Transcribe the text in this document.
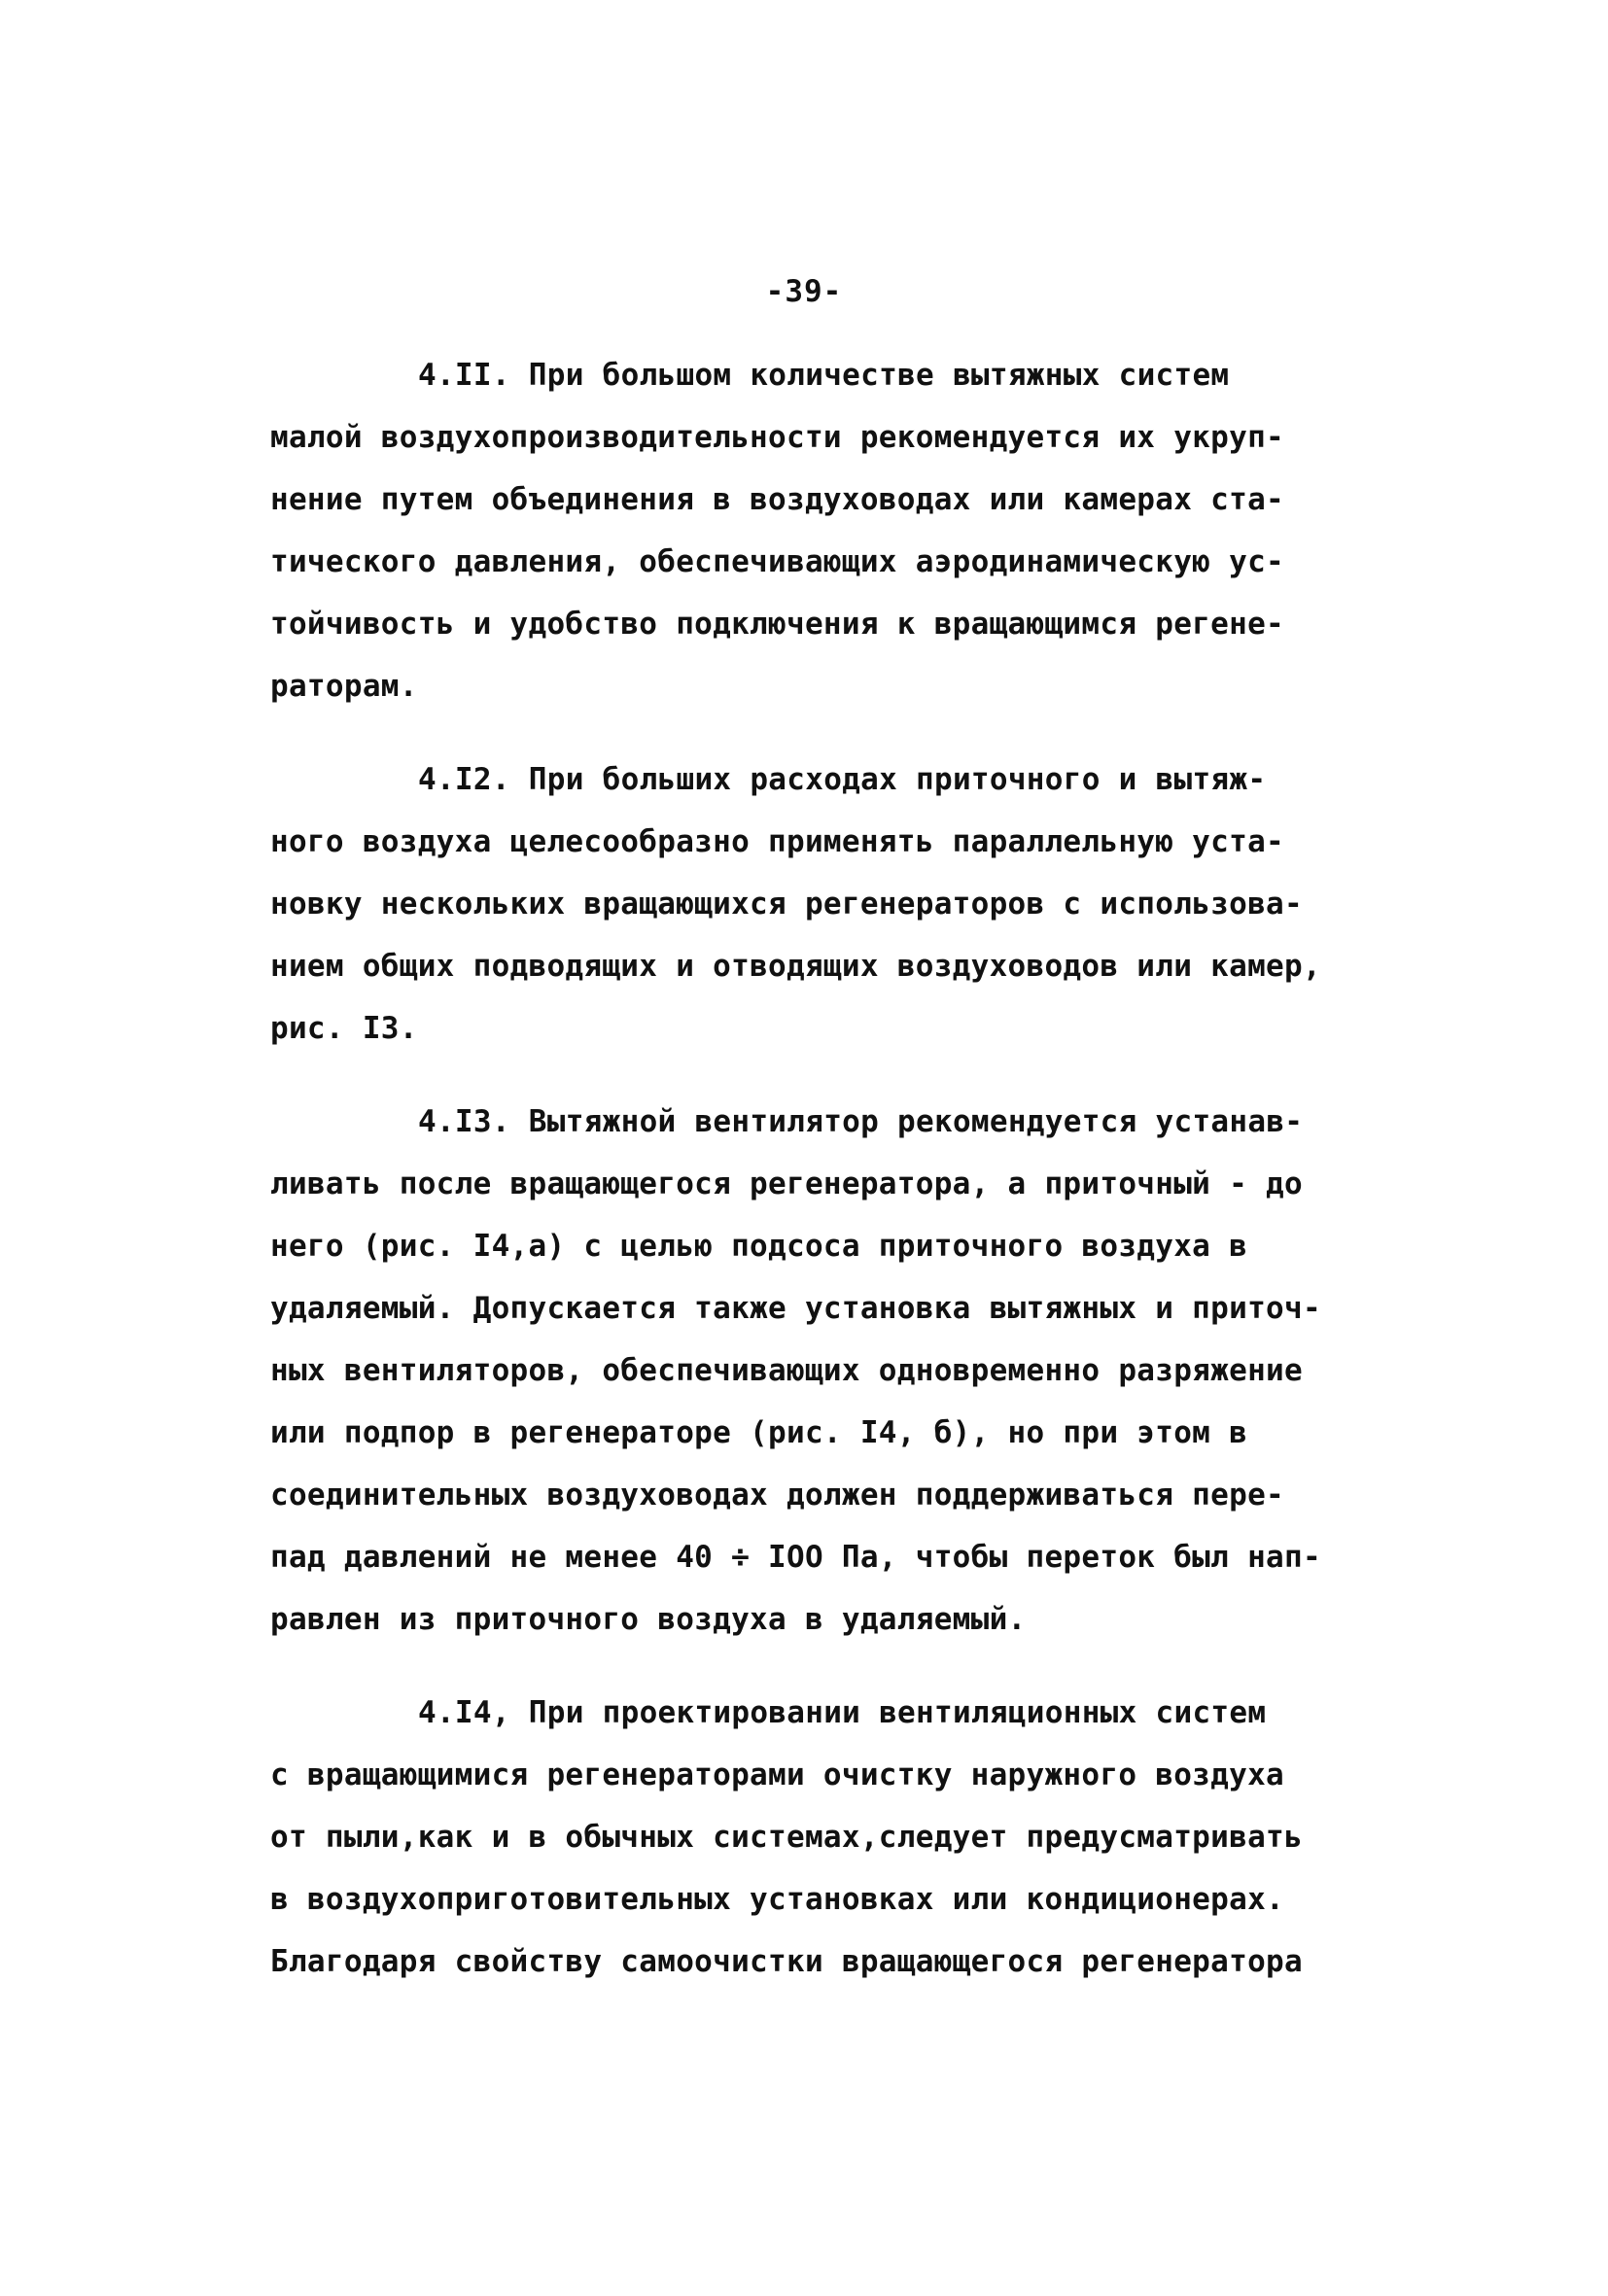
-39-
4.II. При большом количестве вытяжных систем
малой воздухопроизводительности рекомендуется их укруп-
нение путем объединения в воздуховодах или камерах ста-
тического давления, обеспечивающих аэродинамическую ус-
тойчивость и удобство подключения к вращающимся регене-
раторам.
4.I2. При больших расходах приточного и вытяж-
ного воздуха целесообразно применять параллельную уста-
новку нескольких вращающихся регенераторов с использова-
нием общих подводящих и отводящих воздуховодов или камер,
рис. I3.
4.I3. Вытяжной вентилятор рекомендуется устанав-
ливать после вращающегося регенератора, а приточный - до
него (рис. I4,а) с целью подсоса приточного воздуха в
удаляемый. Допускается также установка вытяжных и приточ-
ных вентиляторов, обеспечивающих одновременно разряжение
или подпор в регенераторе (рис. I4, б), но при этом в
соединительных воздуховодах должен поддерживаться пере-
пад давлений не менее 40 ÷ IOO Па, чтобы переток был нап-
равлен из приточного воздуха в удаляемый.
4.I4, При проектировании вентиляционных систем
с вращающимися регенераторами очистку наружного воздуха
от пыли,как и в обычных системах,следует предусматривать
в воздухоприготовительных установках или кондиционерах.
Благодаря свойству самоочистки вращающегося регенератора
